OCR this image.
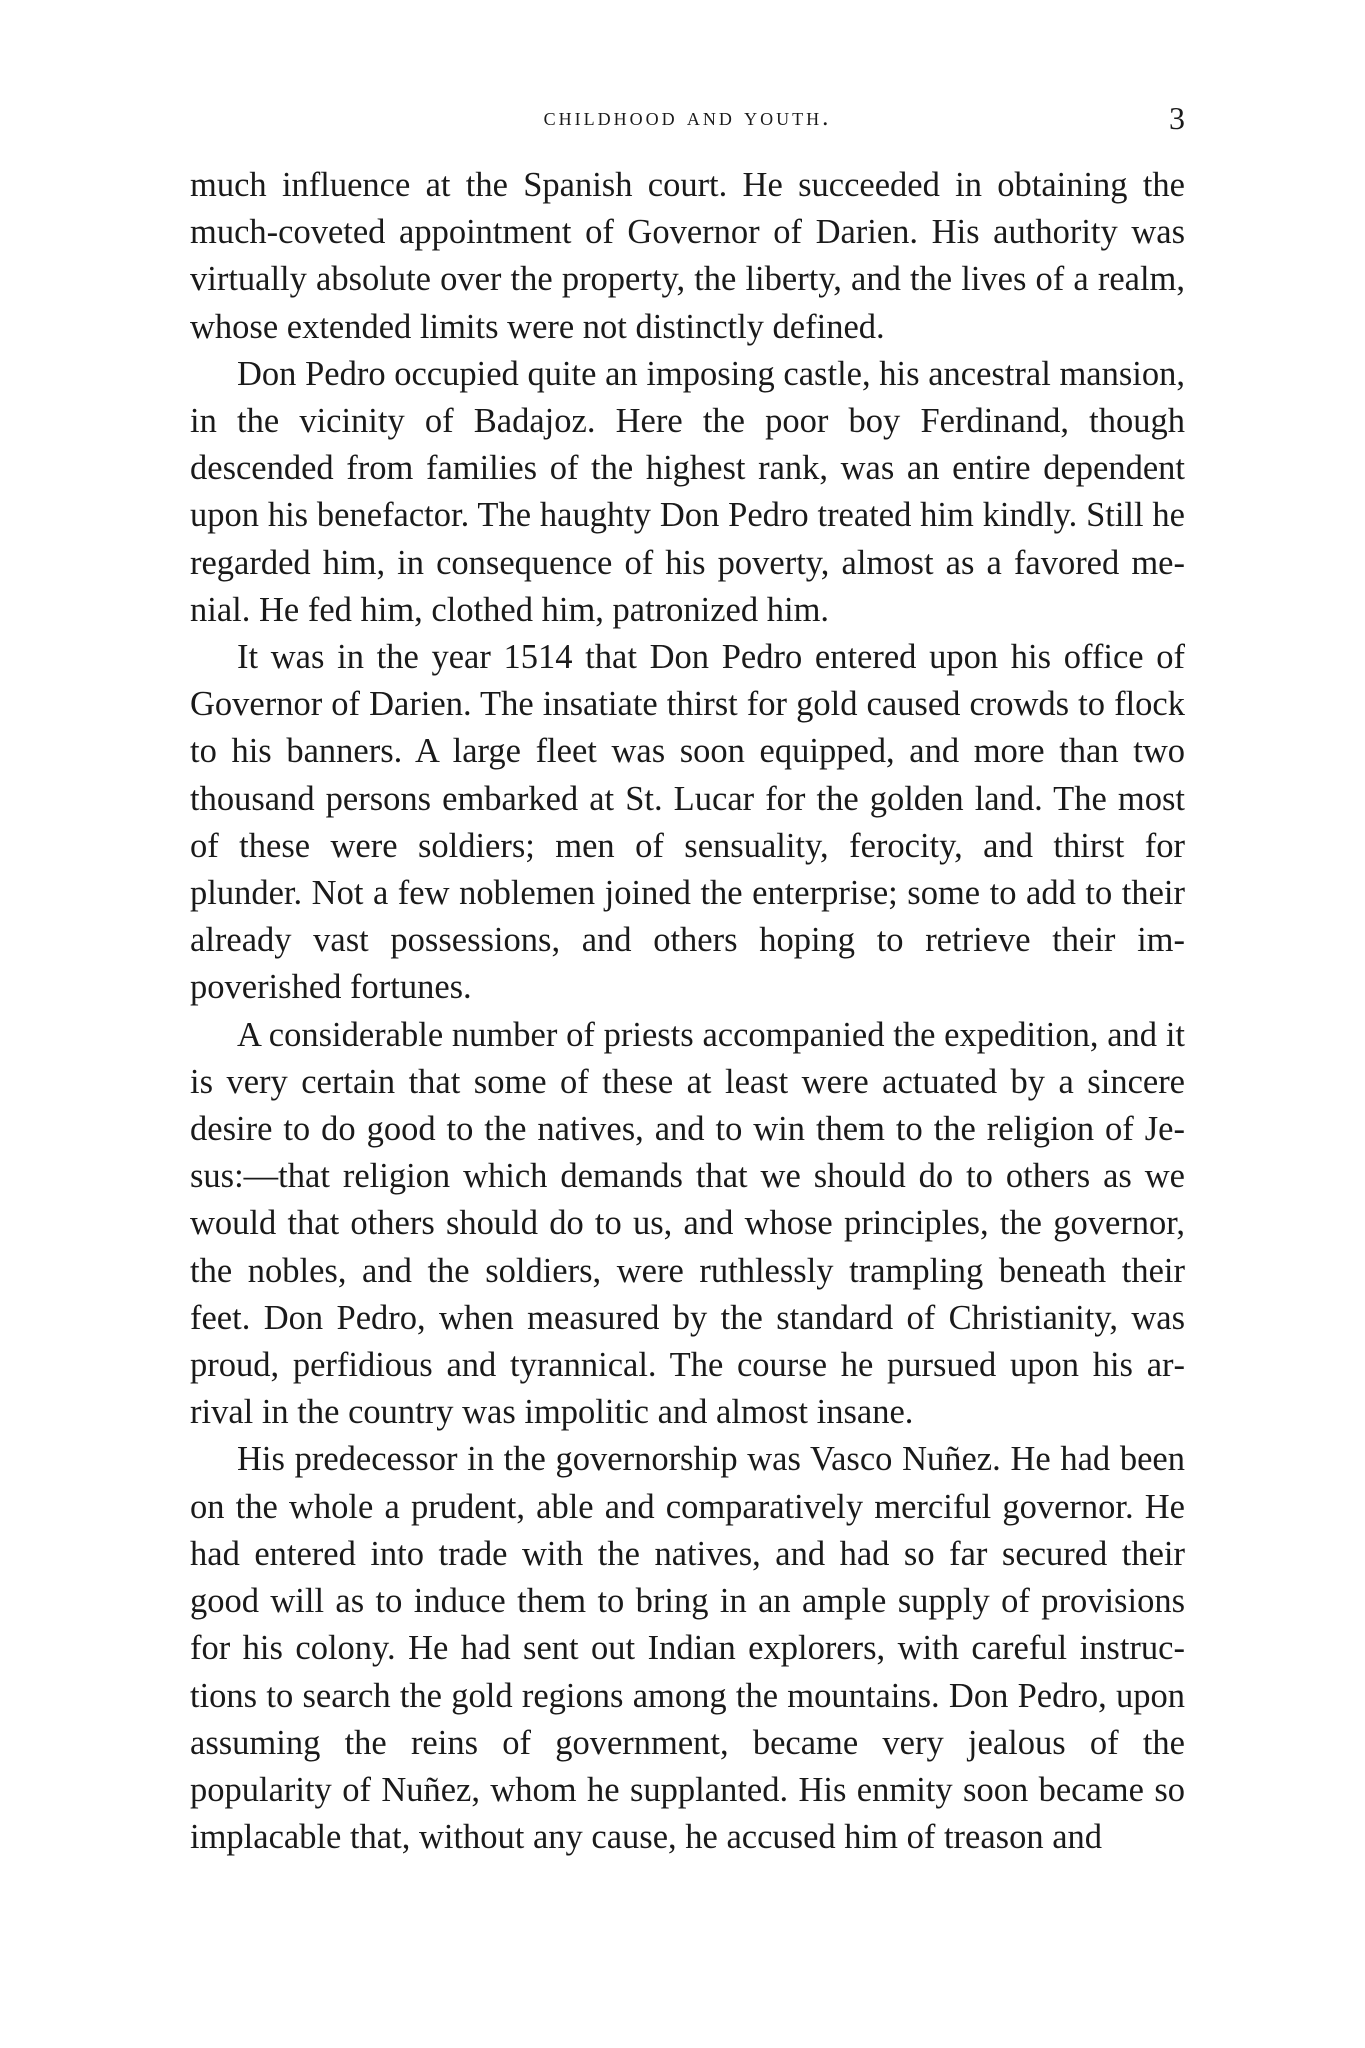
childhood and youth.	3

much influence at the Spanish court. He succeeded in obtaining the much-coveted appointment of Governor of Darien. His authority was virtually absolute over the property, the liberty, and the lives of a realm, whose extended limits were not distinctly defined.

Don Pedro occupied quite an imposing castle, his ancestral mansion, in the vicinity of Badajoz. Here the poor boy Ferdinand, though descended from families of the highest rank, was an entire dependent upon his benefactor. The haughty Don Pedro treated him kindly. Still he regarded him, in consequence of his poverty, almost as a favored menial. He fed him, clothed him, patronized him.

It was in the year 1514 that Don Pedro entered upon his office of Governor of Darien. The insatiate thirst for gold caused crowds to flock to his banners. A large fleet was soon equipped, and more than two thousand persons embarked at St. Lucar for the golden land. The most of these were soldiers; men of sensuality, ferocity, and thirst for plunder. Not a few noblemen joined the enterprise; some to add to their already vast possessions, and others hoping to retrieve their impoverished fortunes.

A considerable number of priests accompanied the expedition, and it is very certain that some of these at least were actuated by a sincere desire to do good to the natives, and to win them to the religion of Jesus:—that religion which demands that we should do to others as we would that others should do to us, and whose principles, the governor, the nobles, and the soldiers, were ruthlessly trampling beneath their feet. Don Pedro, when measured by the standard of Christianity, was proud, perfidious and tyrannical. The course he pursued upon his arrival in the country was impolitic and almost insane.

His predecessor in the governorship was Vasco Nuñez. He had been on the whole a prudent, able and comparatively merciful governor. He had entered into trade with the natives, and had so far secured their good will as to induce them to bring in an ample supply of provisions for his colony. He had sent out Indian explorers, with careful instructions to search the gold regions among the mountains. Don Pedro, upon assuming the reins of government, became very jealous of the popularity of Nuñez, whom he supplanted. His enmity soon became so implacable that, without any cause, he accused him of treason and
